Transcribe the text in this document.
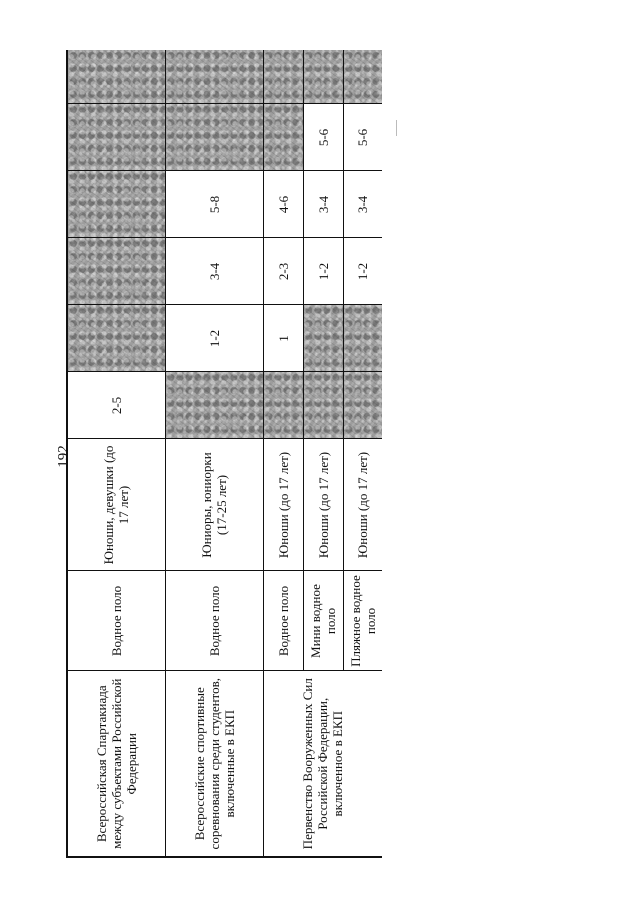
192
Всероссийская Спартакиада между субъектами Российской Федерации	Водное поло	Юноши, девушки (до 17 лет)	2-5					
Всероссийские спортивные соревнования среди студентов, включенные в ЕКП	Водное поло	Юниоры, юниорки (17-25 лет)		1-2	3-4	5-8		
Первенство Вооруженных Сил Российской Федерации, включенное в ЕКП	Водное поло	Юноши (до 17 лет)		1	2-3	4-6		
	Мини водное поло	Юноши (до 17 лет)			1-2	3-4	5-6	
	Пляжное водное поло	Юноши (до 17 лет)			1-2	3-4	5-6	
